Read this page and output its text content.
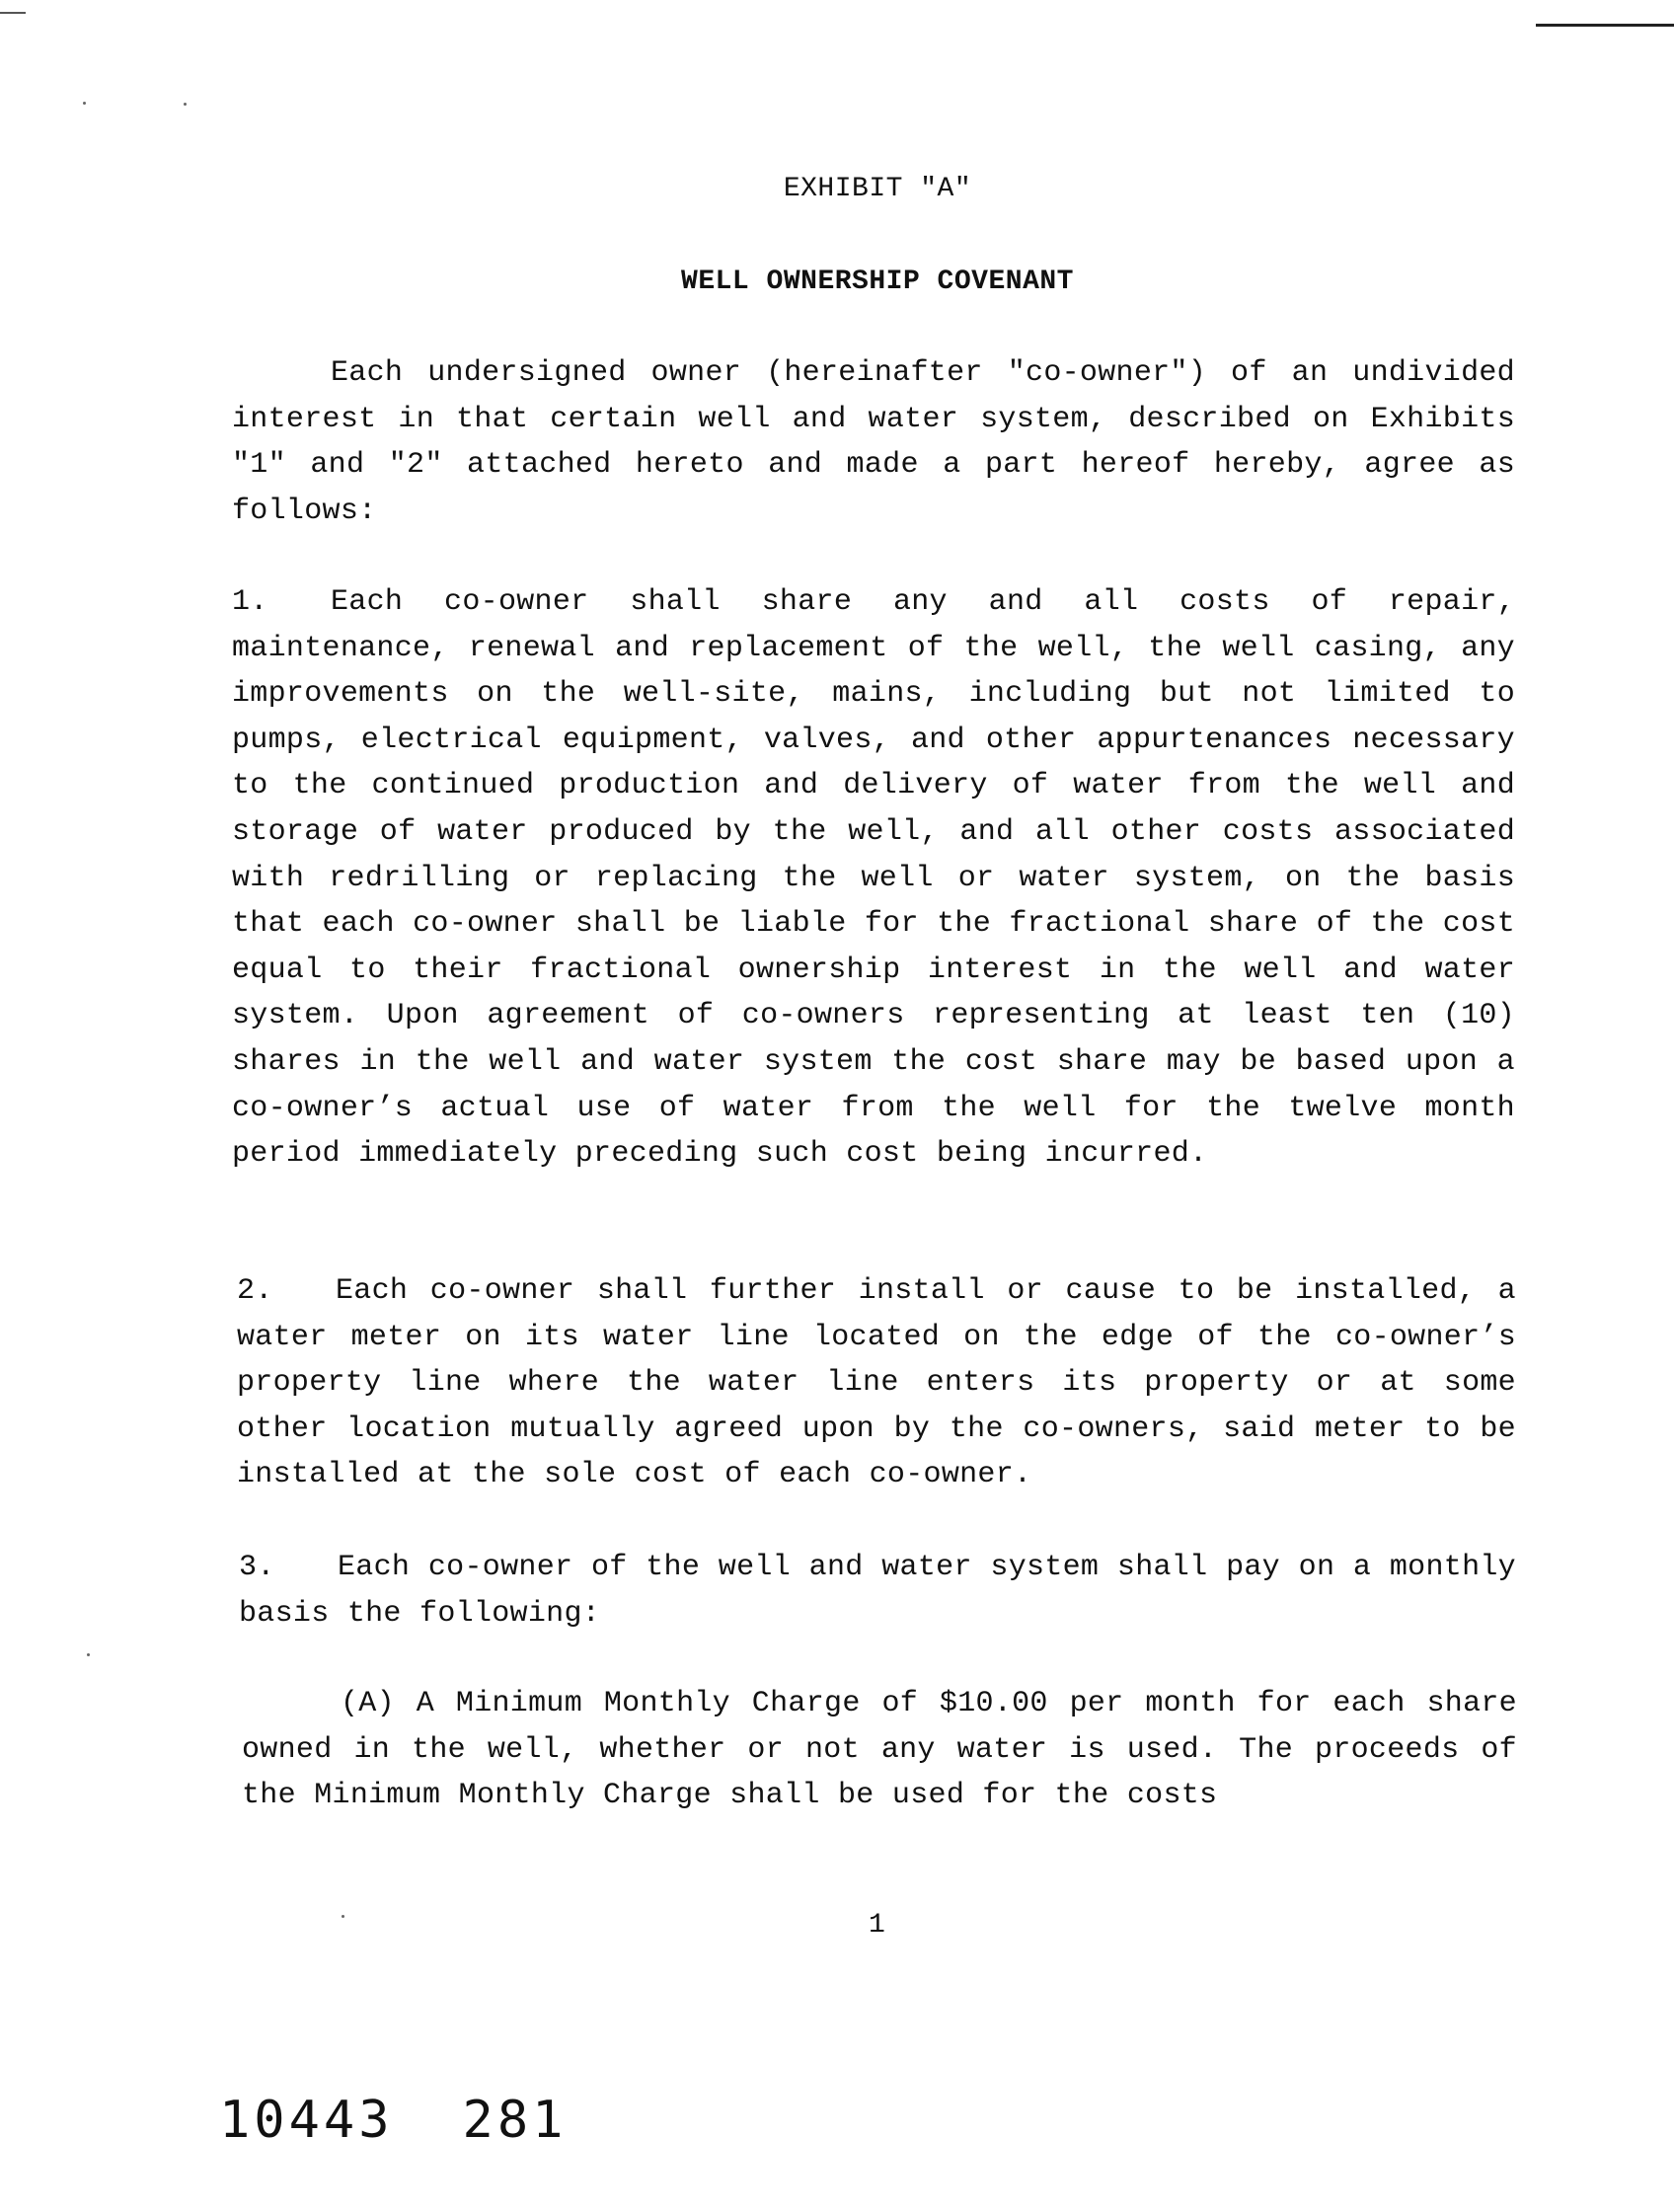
EXHIBIT "A"
WELL OWNERSHIP COVENANT
Each undersigned owner (hereinafter "co-owner") of an undivided interest in that certain well and water system, described on Exhibits "1" and "2" attached hereto and made a part hereof hereby, agree as follows:
1. Each co-owner shall share any and all costs of repair, maintenance, renewal and replacement of the well, the well casing, any improvements on the well-site, mains, including but not limited to pumps, electrical equipment, valves, and other appurtenances necessary to the continued production and delivery of water from the well and storage of water produced by the well, and all other costs associated with redrilling or replacing the well or water system, on the basis that each co-owner shall be liable for the fractional share of the cost equal to their fractional ownership interest in the well and water system. Upon agreement of co-owners representing at least ten (10) shares in the well and water system the cost share may be based upon a co-owner’s actual use of water from the well for the twelve month period immediately preceding such cost being incurred.
2. Each co-owner shall further install or cause to be installed, a water meter on its water line located on the edge of the co-owner’s property line where the water line enters its property or at some other location mutually agreed upon by the co-owners, said meter to be installed at the sole cost of each co-owner.
3. Each co-owner of the well and water system shall pay on a monthly basis the following:
(A) A Minimum Monthly Charge of $10.00 per month for each share owned in the well, whether or not any water is used. The proceeds of the Minimum Monthly Charge shall be used for the costs
1
10443 281
